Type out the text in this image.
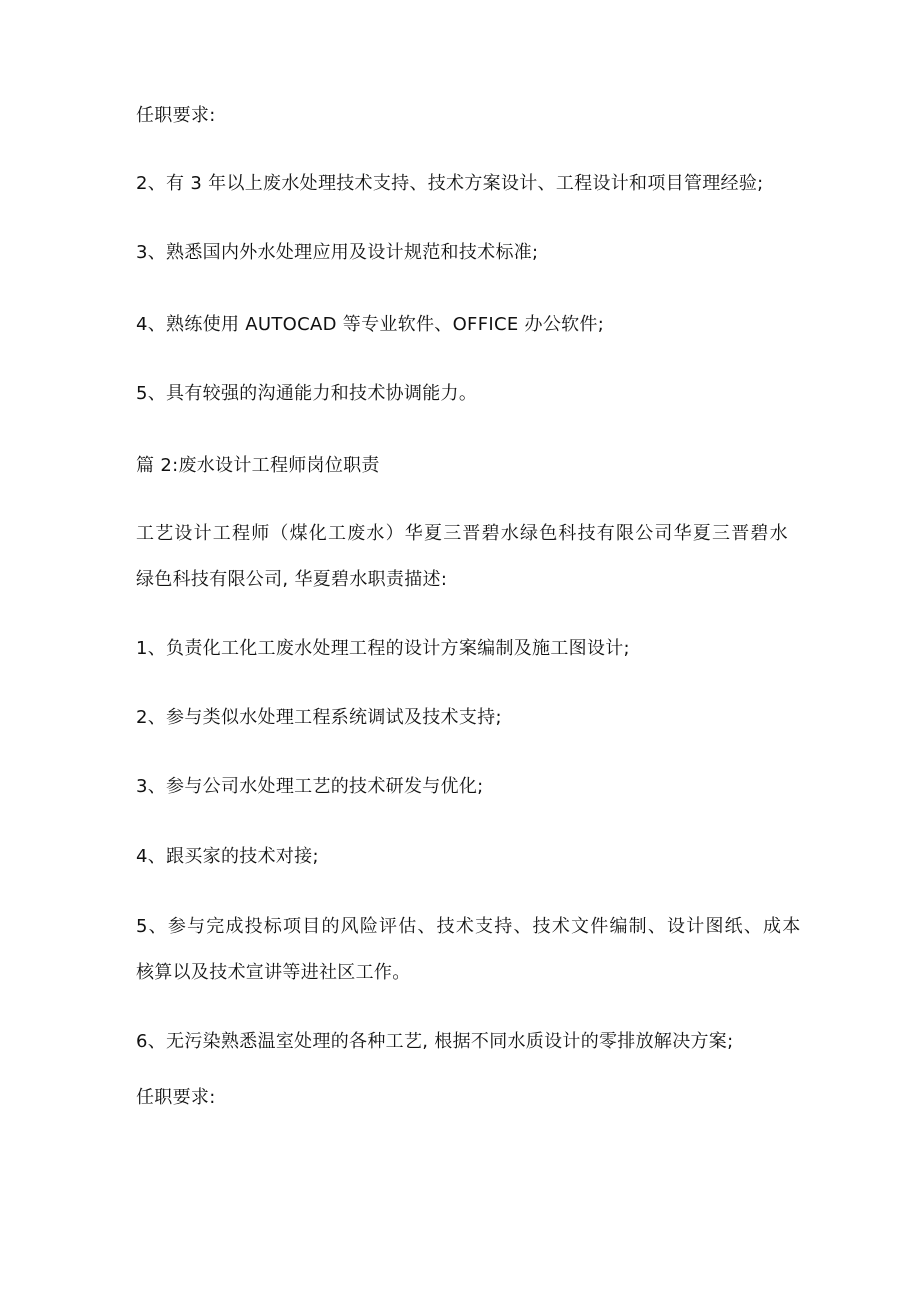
任职要求:
2、有 3 年以上废水处理技术支持、技术方案设计、工程设计和项目管理经验;
3、熟悉国内外水处理应用及设计规范和技术标准;
4、熟练使用 AUTOCAD 等专业软件、OFFICE 办公软件;
5、具有较强的沟通能力和技术协调能力。
篇 2:废水设计工程师岗位职责
工艺设计工程师（煤化工废水）华夏三晋碧水绿色科技有限公司华夏三晋碧水
绿色科技有限公司, 华夏碧水职责描述:
1、负责化工化工废水处理工程的设计方案编制及施工图设计;
2、参与类似水处理工程系统调试及技术支持;
3、参与公司水处理工艺的技术研发与优化;
4、跟买家的技术对接;
5、参与完成投标项目的风险评估、技术支持、技术文件编制、设计图纸、成本
核算以及技术宣讲等进社区工作。
6、无污染熟悉温室处理的各种工艺, 根据不同水质设计的零排放解决方案;
任职要求:
